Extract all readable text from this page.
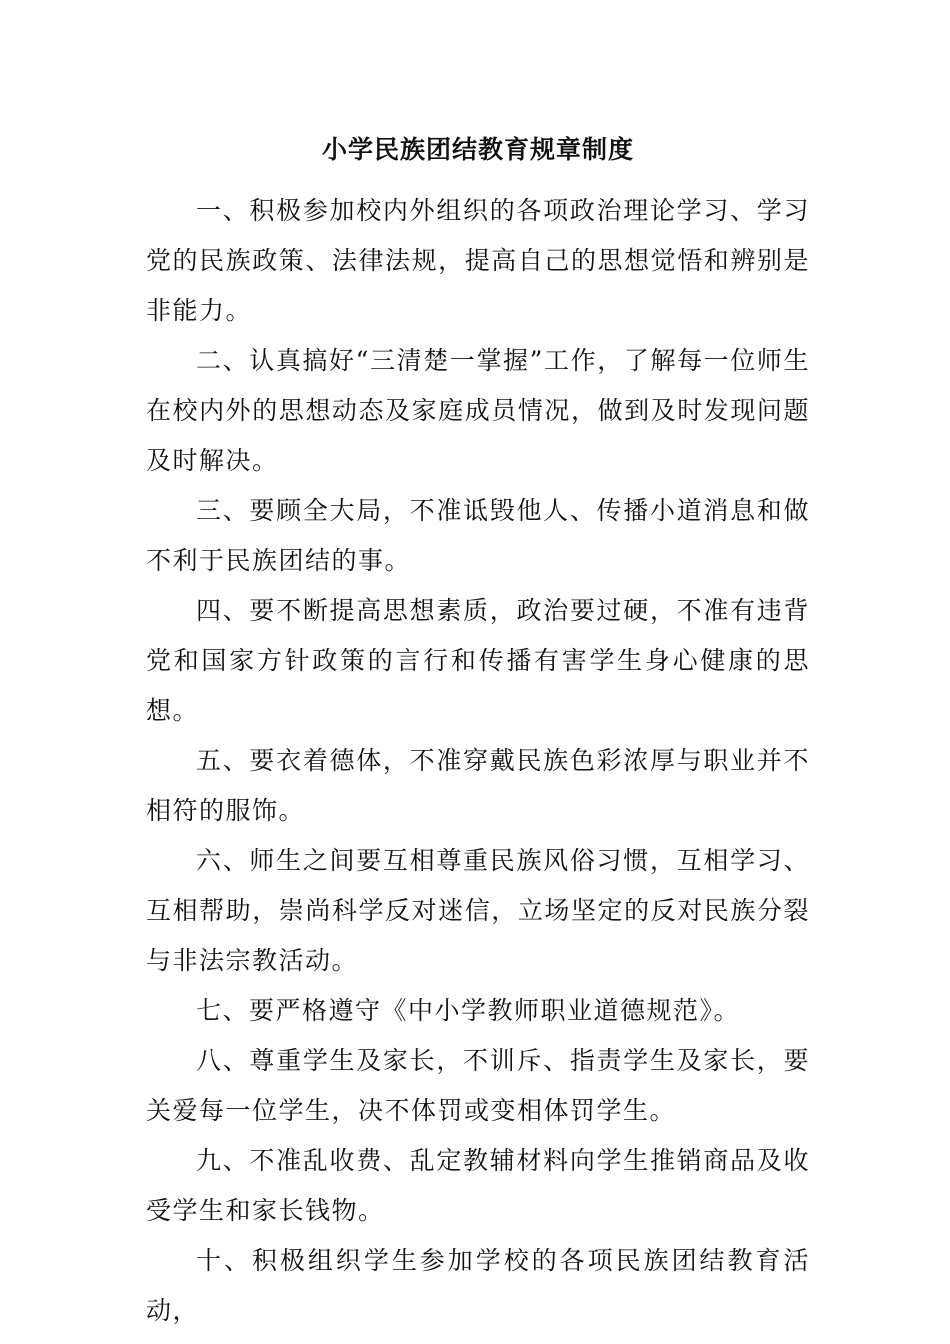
小学民族团结教育规章制度

一、积极参加校内外组织的各项政治理论学习、学习党的民族政策、法律法规，提高自己的思想觉悟和辨别是非能力。

二、认真搞好“三清楚一掌握”工作，了解每一位师生在校内外的思想动态及家庭成员情况，做到及时发现问题及时解决。

三、要顾全大局，不准诋毁他人、传播小道消息和做不利于民族团结的事。

四、要不断提高思想素质，政治要过硬，不准有违背党和国家方针政策的言行和传播有害学生身心健康的思想。

五、要衣着德体，不准穿戴民族色彩浓厚与职业并不相符的服饰。

六、师生之间要互相尊重民族风俗习惯，互相学习、互相帮助，崇尚科学反对迷信，立场坚定的反对民族分裂与非法宗教活动。

七、要严格遵守《中小学教师职业道德规范》。

八、尊重学生及家长，不训斥、指责学生及家长，要关爱每一位学生，决不体罚或变相体罚学生。

九、不准乱收费、乱定教辅材料向学生推销商品及收受学生和家长钱物。

十、积极组织学生参加学校的各项民族团结教育活动，
